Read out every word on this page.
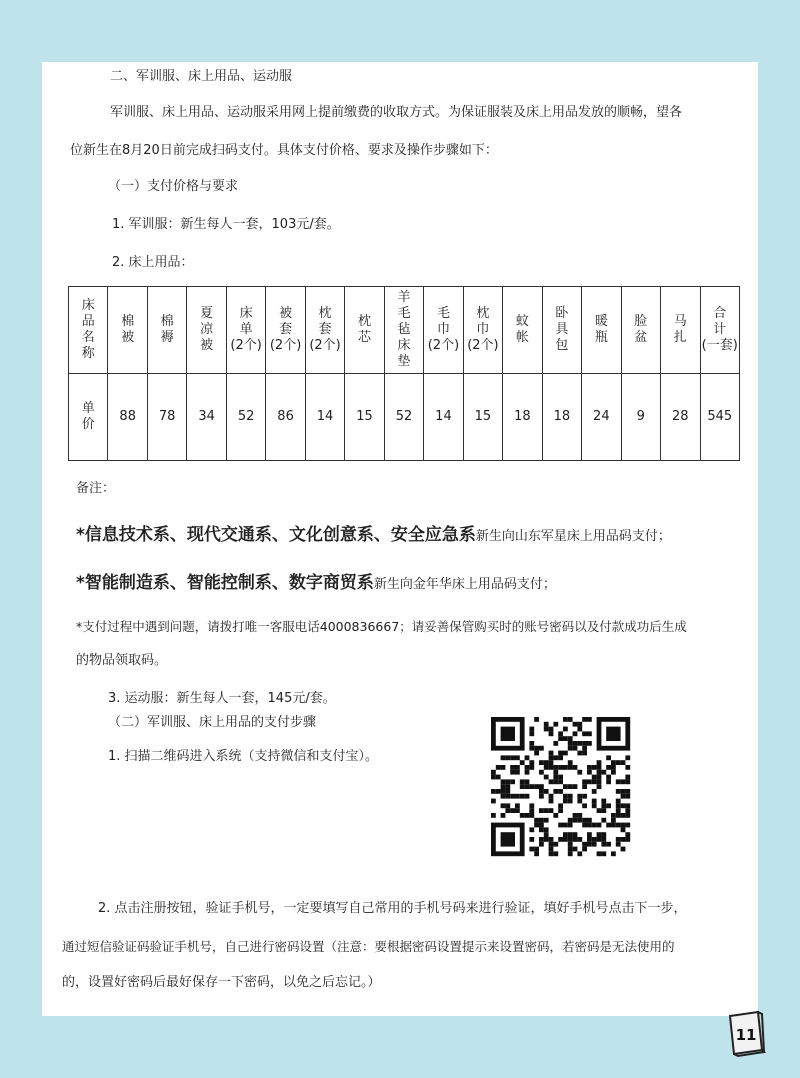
二、军训服、床上用品、运动服
军训服、床上用品、运动服采用网上提前缴费的收取方式。为保证服装及床上用品发放的顺畅，望各
位新生在8月20日前完成扫码支付。具体支付价格、要求及操作步骤如下：
（一）支付价格与要求
1. 军训服：新生每人一套，103元/套。
2. 床上用品：
床
品
名
称	棉
被	棉
褥	夏
凉
被	床
单
(2个)	被
套
(2个)	枕
套
(2个)	枕
芯	羊
毛
毡
床
垫	毛
巾
(2个)	枕
巾
(2个)	蚊
帐	卧
具
包	暖
瓶	脸
盆	马
扎	合
计
(一套)
单
价	88	78	34	52	86	14	15	52	14	15	18	18	24	9	28	545
备注：
*信息技术系、现代交通系、文化创意系、安全应急系新生向山东军星床上用品码支付；
*智能制造系、智能控制系、数字商贸系新生向金年华床上用品码支付；
*支付过程中遇到问题，请拨打唯一客服电话4000836667；请妥善保管购买时的账号密码以及付款成功后生成
的物品领取码。
3. 运动服：新生每人一套，145元/套。
（二）军训服、床上用品的支付步骤
1. 扫描二维码进入系统（支持微信和支付宝）。
2. 点击注册按钮，验证手机号，一定要填写自己常用的手机号码来进行验证，填好手机号点击下一步，
通过短信验证码验证手机号，自己进行密码设置（注意：要根据密码设置提示来设置密码，若密码是无法使用的
的，设置好密码后最好保存一下密码，以免之后忘记。）
11
